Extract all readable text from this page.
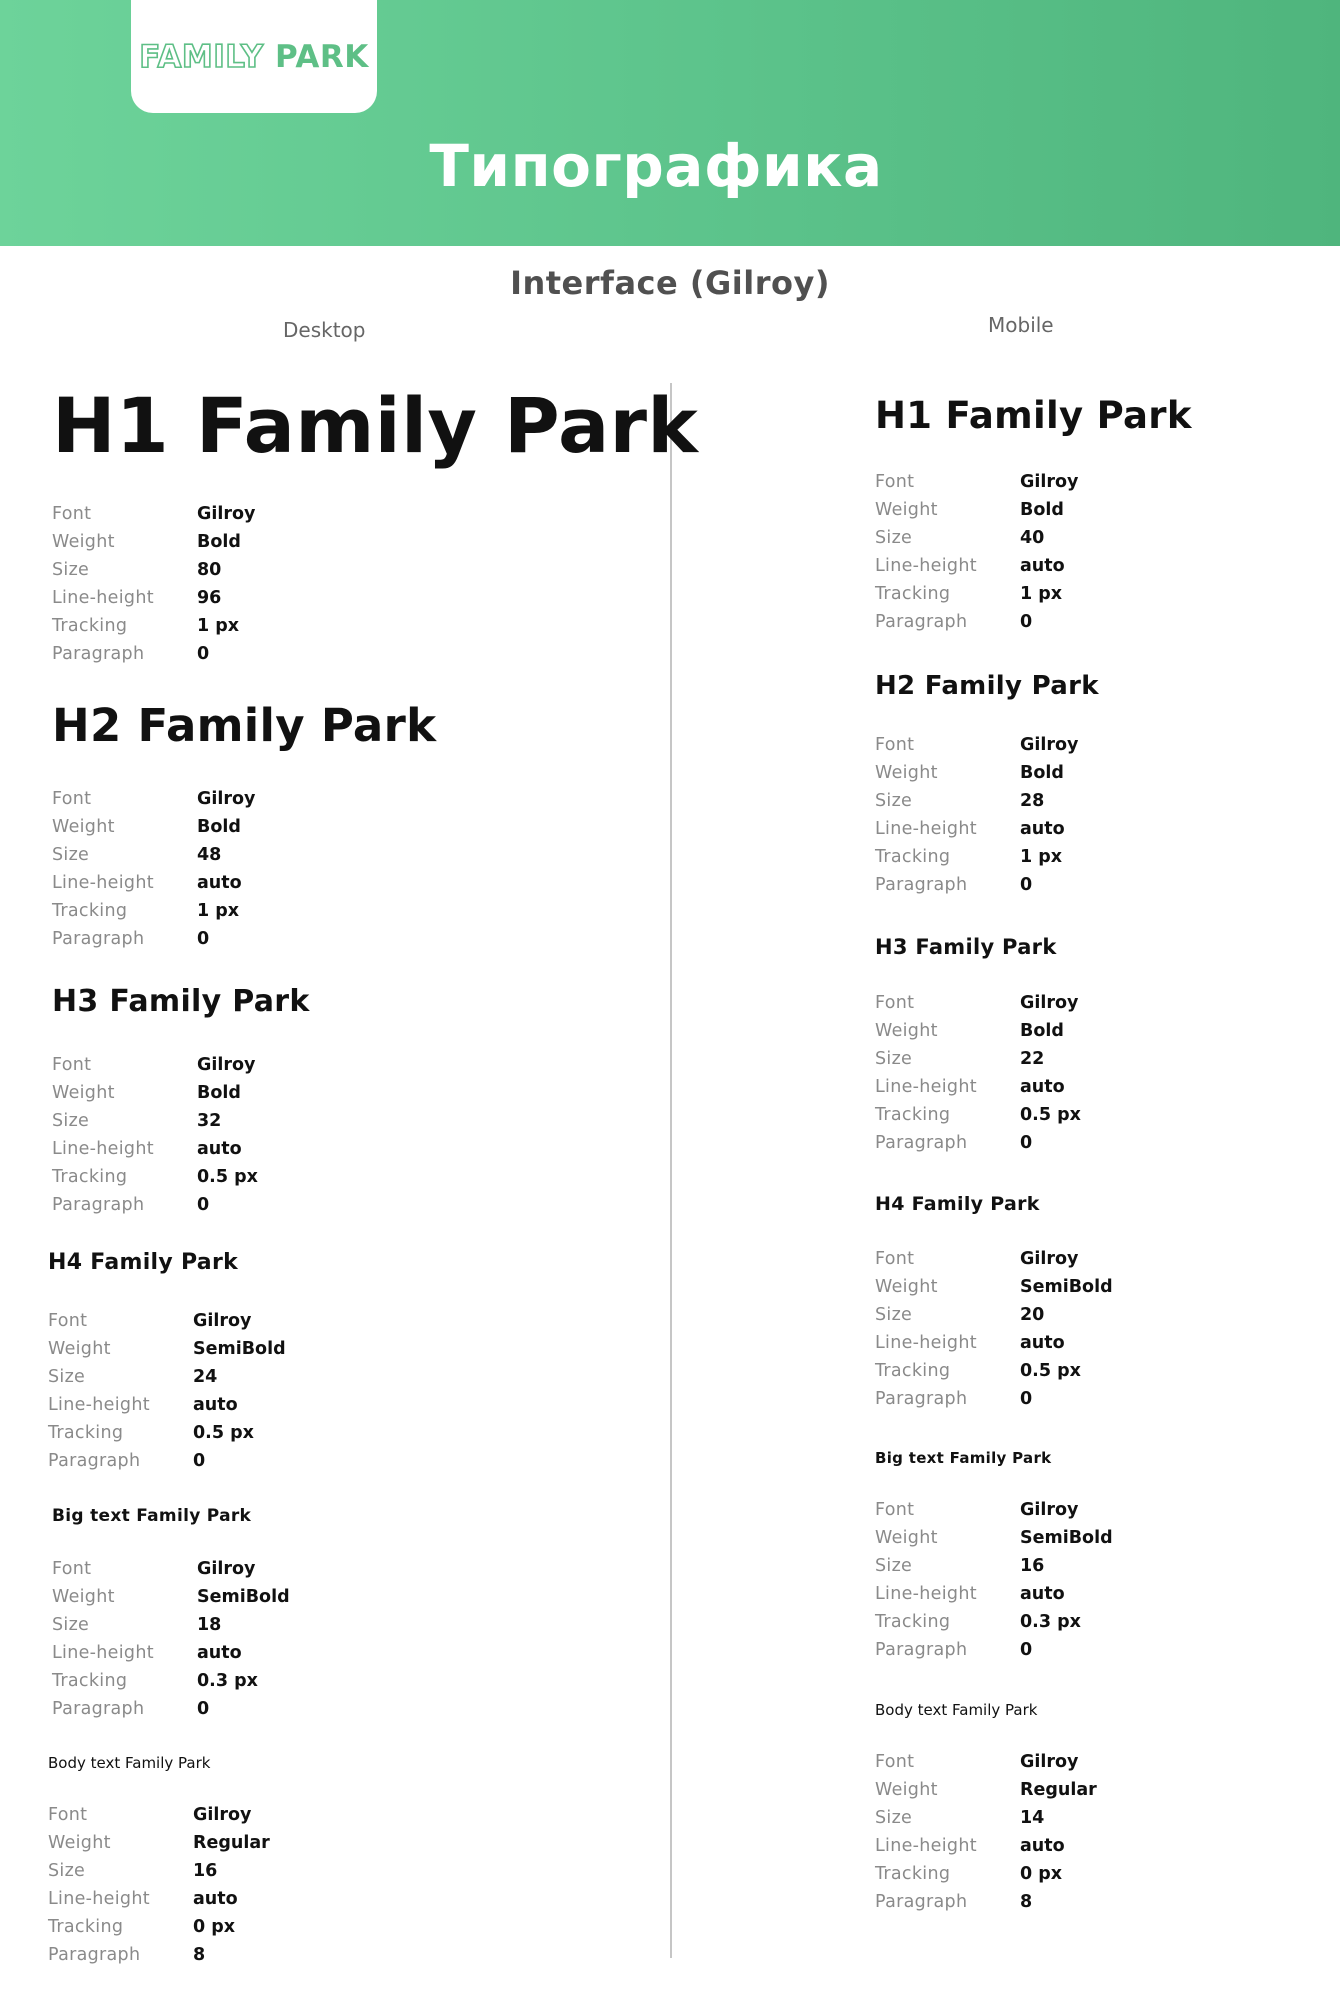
FAMILY PARK
Типографика
Interface (Gilroy)
Desktop	Mobile
H1 Family Park
Font	Gilroy
Weight	Bold
Size	80
Line-height	96
Tracking	1 px
Paragraph	0
H2 Family Park
Font	Gilroy
Weight	Bold
Size	48
Line-height	auto
Tracking	1 px
Paragraph	0
H3 Family Park
Font	Gilroy
Weight	Bold
Size	32
Line-height	auto
Tracking	0.5 px
Paragraph	0
H4 Family Park
Font	Gilroy
Weight	SemiBold
Size	24
Line-height	auto
Tracking	0.5 px
Paragraph	0
Big text Family Park
Font	Gilroy
Weight	SemiBold
Size	18
Line-height	auto
Tracking	0.3 px
Paragraph	0
Body text Family Park
Font	Gilroy
Weight	Regular
Size	16
Line-height	auto
Tracking	0 px
Paragraph	8
H1 Family Park
Font	Gilroy
Weight	Bold
Size	40
Line-height	auto
Tracking	1 px
Paragraph	0
H2 Family Park
Font	Gilroy
Weight	Bold
Size	28
Line-height	auto
Tracking	1 px
Paragraph	0
H3 Family Park
Font	Gilroy
Weight	Bold
Size	22
Line-height	auto
Tracking	0.5 px
Paragraph	0
H4 Family Park
Font	Gilroy
Weight	SemiBold
Size	20
Line-height	auto
Tracking	0.5 px
Paragraph	0
Big text Family Park
Font	Gilroy
Weight	SemiBold
Size	16
Line-height	auto
Tracking	0.3 px
Paragraph	0
Body text Family Park
Font	Gilroy
Weight	Regular
Size	14
Line-height	auto
Tracking	0 px
Paragraph	8
